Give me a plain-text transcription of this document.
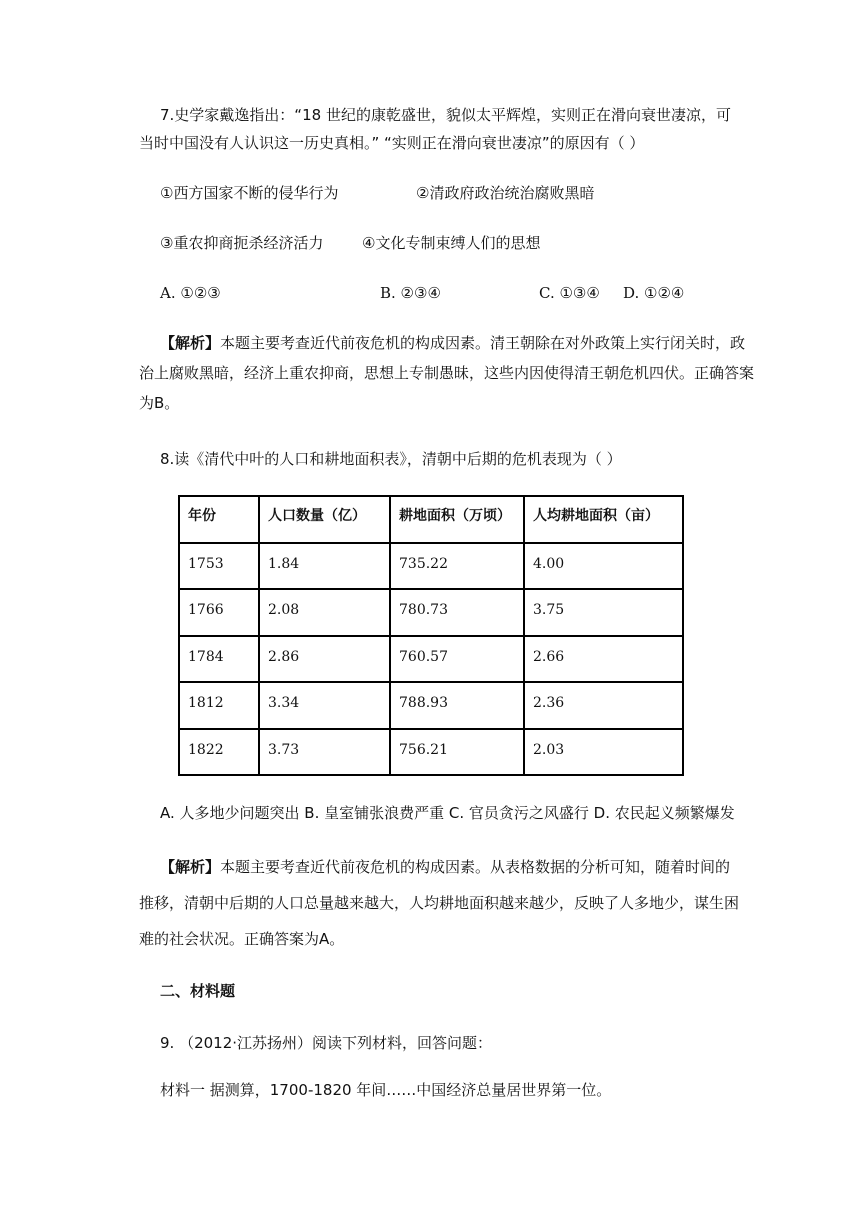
7.史学家戴逸指出：“18 世纪的康乾盛世，貌似太平辉煌，实则正在滑向衰世凄凉，可
当时中国没有人认识这一历史真相。” “实则正在滑向衰世凄凉”的原因有（ ）
①西方国家不断的侵华行为	②清政府政治统治腐败黑暗
③重农抑商扼杀经济活力	④文化专制束缚人们的思想
A. ①②③	B. ②③④	C. ①③④ D. ①②④
【解析】本题主要考查近代前夜危机的构成因素。清王朝除在对外政策上实行闭关时，政
治上腐败黑暗，经济上重农抑商，思想上专制愚昧，这些内因使得清王朝危机四伏。正确答案
为B。
8.读《清代中叶的人口和耕地面积表》，清朝中后期的危机表现为（ ）
年份	人口数量（亿）	耕地面积（万顷）	人均耕地面积（亩）
1753	1.84	735.22	4.00
1766	2.08	780.73	3.75
1784	2.86	760.57	2.66
1812	3.34	788.93	2.36
1822	3.73	756.21	2.03
A. 人多地少问题突出 B. 皇室铺张浪费严重 C. 官员贪污之风盛行 D. 农民起义频繁爆发
【解析】本题主要考查近代前夜危机的构成因素。从表格数据的分析可知，随着时间的
推移，清朝中后期的人口总量越来越大，人均耕地面积越来越少，反映了人多地少，谋生困
难的社会状况。正确答案为A。
二、材料题
9. （2012·江苏扬州）阅读下列材料，回答问题：
材料一 据测算，1700-1820 年间……中国经济总量居世界第一位。
